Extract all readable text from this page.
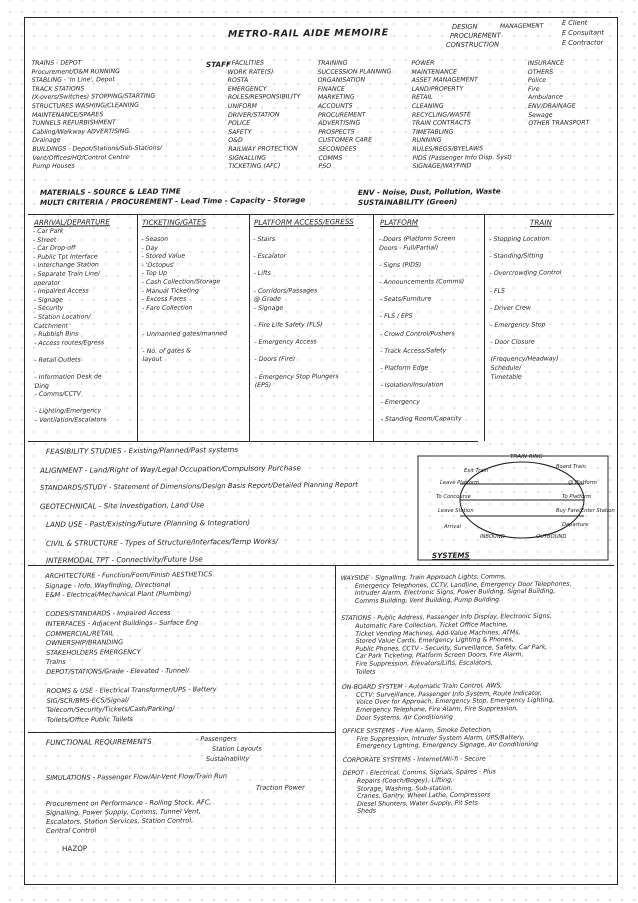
METRO-RAIL AIDE MEMOIRE
DESIGN
PROCUREMENT
CONSTRUCTION
MANAGEMENT	E Client
E Consultant
E Contractor
TRAINS - DEPOT
Procurement/O&M RUNNING
STABLING - 'In Line', Depot
TRACK STATIONS
(X-overs/Switches) STOPPING/STARTING
STRUCTURES WASHING/CLEANING
MAINTENANCE/SPARES
TUNNELS REFURBISHMENT
Cabling/Walkway ADVERTISING
Drainage
BUILDINGS - Depot/Stations/Sub-Stations/
Vent/Offices/HQ/Control Centre
Pump Houses
STAFF
- FACILITIES
WORK RATE(S)
ROSTA
EMERGENCY
ROLES/RESPONSIBILITY
UNIFORM
DRIVER/STATION
POLICE
SAFETY
O&D
RAILWAY PROTECTION
SIGNALLING
TICKETING (AFC)
TRAINING
SUCCESSION PLANNING
ORGANISATION
FINANCE
MARKETING
ACCOUNTS
PROCUREMENT
ADVERTISING
PROSPECTS
CUSTOMER CARE
SECONDEES
COMMS
PSO
POWER
MAINTENANCE
ASSET MANAGEMENT
LAND/PROPERTY
RETAIL
CLEANING
RECYCLING/WASTE
TRAIN CONTRACTS
TIMETABLING
RUNNING
RULES/REGS/BYELAWS
PIDS (Passenger Info Disp. Syst)
SIGNAGE/WAYFIND
INSURANCE
OTHERS
Police
Fire
Ambulance
ENV/DRAINAGE
Sewage
OTHER TRANSPORT
MATERIALS - SOURCE & LEAD TIME
MULTI CRITERIA / PROCUREMENT - Lead Time - Capacity - Storage
ENV - Noise, Dust, Pollution, Waste
SUSTAINABILITY (Green)
ARRIVAL/DEPARTURE	TICKETING/GATES	PLATFORM ACCESS/EGRESS	PLATFORM	TRAIN
- Car Park
- Street
- Car Drop-off
- Public Tpt Interface
- Interchange Station
- Separate Train Line/
operator
- Impaired Access
- Signage
- Security
- Station Location/
Catchment
- Rubbish Bins
- Access routes/Egress

- Retail Outlets

- Information Desk de
Ding
- Comms/CCTV

- Lighting/Emergency
- Ventilation/Escalators
- Season
- Day
- Stored Value
- 'Octopus'
- Top Up
- Cash Collection/Storage
- Manual Ticketing
- Excess Fares
- Fare Collection

- Unmanned gates/manned

- No. of gates &
layout
- Stairs

- Escalator

- Lifts

- Corridors/Passages
@ Grade
- Signage

- Fire Life Safety (FLS)

- Emergency Access

- Doors (Fire)

- Emergency Stop Plungers
(EPS)
- Doors (Platform Screen
Doors - Full/Partial)

- Signs (PIDS)

- Announcements (Comms)

- Seats/Furniture

- FLS / EPS

- Crowd Control/Pushers

- Track Access/Safety

- Platform Edge

- Isolation/Insulation

- Emergency

- Standing Room/Capacity
- Stopping Location

- Standing/Sitting

- Overcrowding Control

- FLS

- Driver Crew

- Emergency Stop

- Door Closure

(Frequency/Headway)
Schedule/
Timetable
FEASIBILITY STUDIES - Existing/Planned/Past systems
ALIGNMENT - Land/Right of Way/Legal Occupation/Compulsory Purchase
STANDARDS/STUDY - Statement of Dimensions/Design Basis Report/Detailed Planning Report
GEOTECHNICAL - Site Investigation, Land Use
LAND USE - Past/Existing/Future (Planning & Integration)
CIVIL & STRUCTURE - Types of Structure/Interfaces/Temp Works/
INTERMODAL TPT - Connectivity/Future Use
TRAIN RING
Exit Train
Board Train
Leave Platform	@ Platform
To Concourse	To Platform
Leave Station	Buy Fare/Enter Station
Arrival	Departure
INBOUND	OUTBOUND
SYSTEMS
WAYSIDE - Signalling, Train Approach Lights, Comms,
Emergency Telephones, CCTV, Landline, Emergency Door Telephones,
Intruder Alarm, Electronic Signs, Power Building, Signal Building,
Comms Building, Vent Building, Pump Building.
STATIONS - Public Address, Passenger Info Display, Electronic Signs,
Automatic Fare Collection, Ticket Office Machine,
Ticket Vending Machines, Add-Value Machines, ATMs,
Stored Value Cards, Emergency Lighting & Phones,
Public Phones, CCTV - Security, Surveillance, Safety, Car Park,
Car Park Ticketing, Platform Screen Doors, Fire Alarm,
Fire Suppression, Elevators/Lifts, Escalators,
Toilets
ON-BOARD SYSTEM - Automatic Train Control, AWS,
CCTV: Surveillance, Passenger Info System, Route Indicator,
Voice Over for Approach, Emergency Stop, Emergency Lighting,
Emergency Telephone, Fire Alarm, Fire Suppression,
Door Systems, Air Conditioning
OFFICE SYSTEMS - Fire Alarm, Smoke Detection,
Fire Suppression, Intruder System Alarm, UPS/Battery,
Emergency Lighting, Emergency Signage, Air Conditioning
CORPORATE SYSTEMS - Internet/Wi-fi - Secure
DEPOT - Electrical, Comms, Signals, Spares - Plus
Repairs (Coach/Bogey), Lifting,
Storage, Washing, Sub-station,
Cranes, Gantry, Wheel Lathe, Compressors
Diesel Shunters, Water Supply, Pit Sets
Sheds
ARCHITECTURE - Function/Form/Finish AESTHETICS
Signage - Info, Wayfinding, Directional
E&M - Electrical/Mechanical Plant (Plumbing)

CODES/STANDARDS - Impaired Access
INTERFACES - Adjacent Buildings - Surface Eng
COMMERCIAL/RETAIL
OWNERSHIP/BRANDING
STAKEHOLDERS EMERGENCY
Trains
DEPOT/STATIONS/Grade - Elevated - Tunnel/

ROOMS & USE - Electrical Transformer/UPS - Battery
SIG/SCR/BMS-ECS/Signal/
Telecom/Security/Tickets/Cash/Parking/
Toilets/Office Public Toilets
FUNCTIONAL REQUIREMENTS	- Passengers
Station Layouts
Sustainability
SIMULATIONS - Passenger Flow/Air-Vent Flow/Train Run
Traction Power
Procurement on Performance - Rolling Stock, AFC,
Signalling, Power Supply, Comms, Tunnel Vent,
Escalators, Station Services, Station Control,
Central Control
HAZOP
